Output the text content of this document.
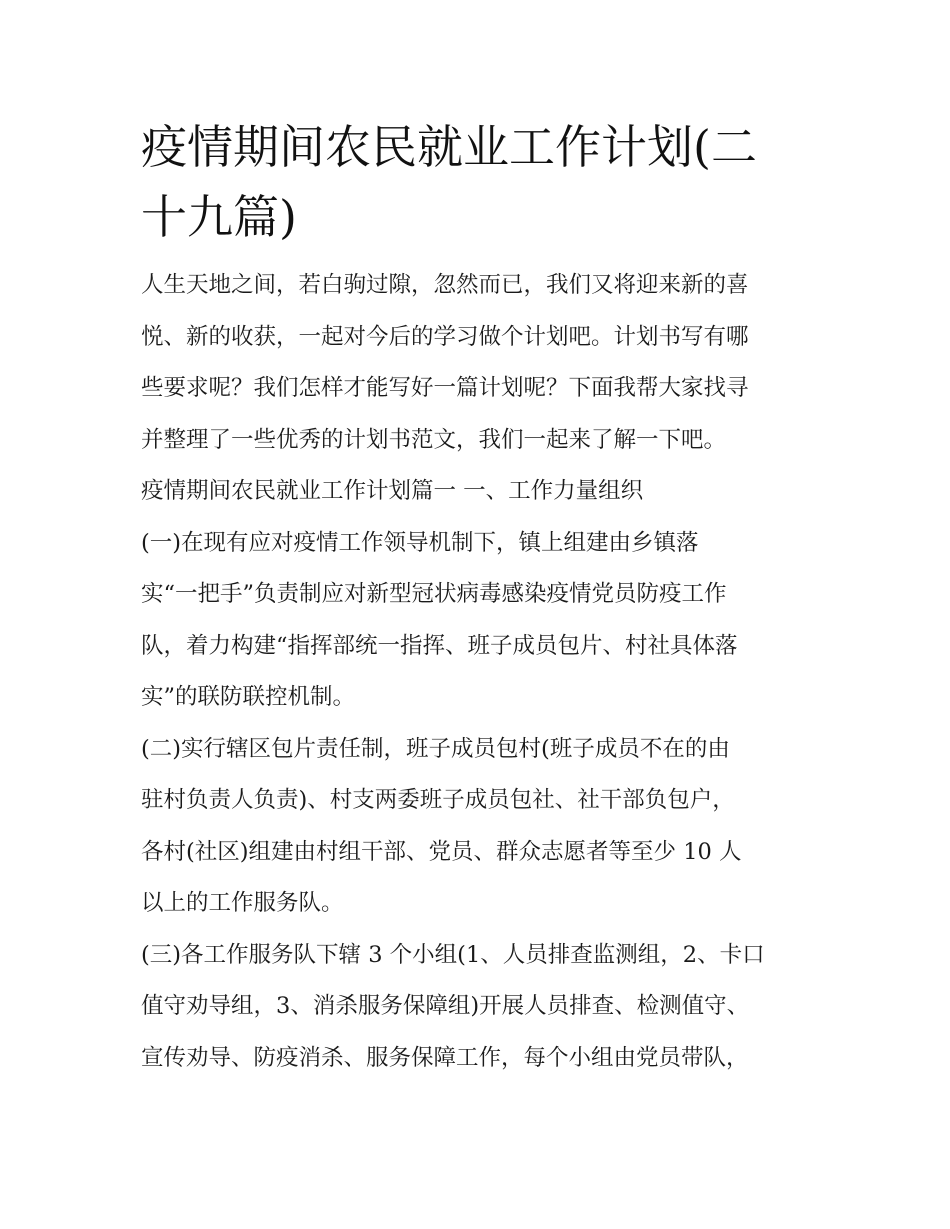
疫情期间农民就业工作计划(二
十九篇)

人生天地之间，若白驹过隙，忽然而已，我们又将迎来新的喜

悦、新的收获，一起对今后的学习做个计划吧。计划书写有哪

些要求呢？我们怎样才能写好一篇计划呢？下面我帮大家找寻

并整理了一些优秀的计划书范文，我们一起来了解一下吧。

疫情期间农民就业工作计划篇一 一、工作力量组织

(一)在现有应对疫情工作领导机制下，镇上组建由乡镇落

实“一把手”负责制应对新型冠状病毒感染疫情党员防疫工作

队，着力构建“指挥部统一指挥、班子成员包片、村社具体落

实”的联防联控机制。

(二)实行辖区包片责任制，班子成员包村(班子成员不在的由

驻村负责人负责)、村支两委班子成员包社、社干部负包户，

各村(社区)组建由村组干部、党员、群众志愿者等至少 10 人

以上的工作服务队。

(三)各工作服务队下辖 3 个小组(1、人员排查监测组，2、卡口

值守劝导组，3、消杀服务保障组)开展人员排查、检测值守、

宣传劝导、防疫消杀、服务保障工作，每个小组由党员带队，
